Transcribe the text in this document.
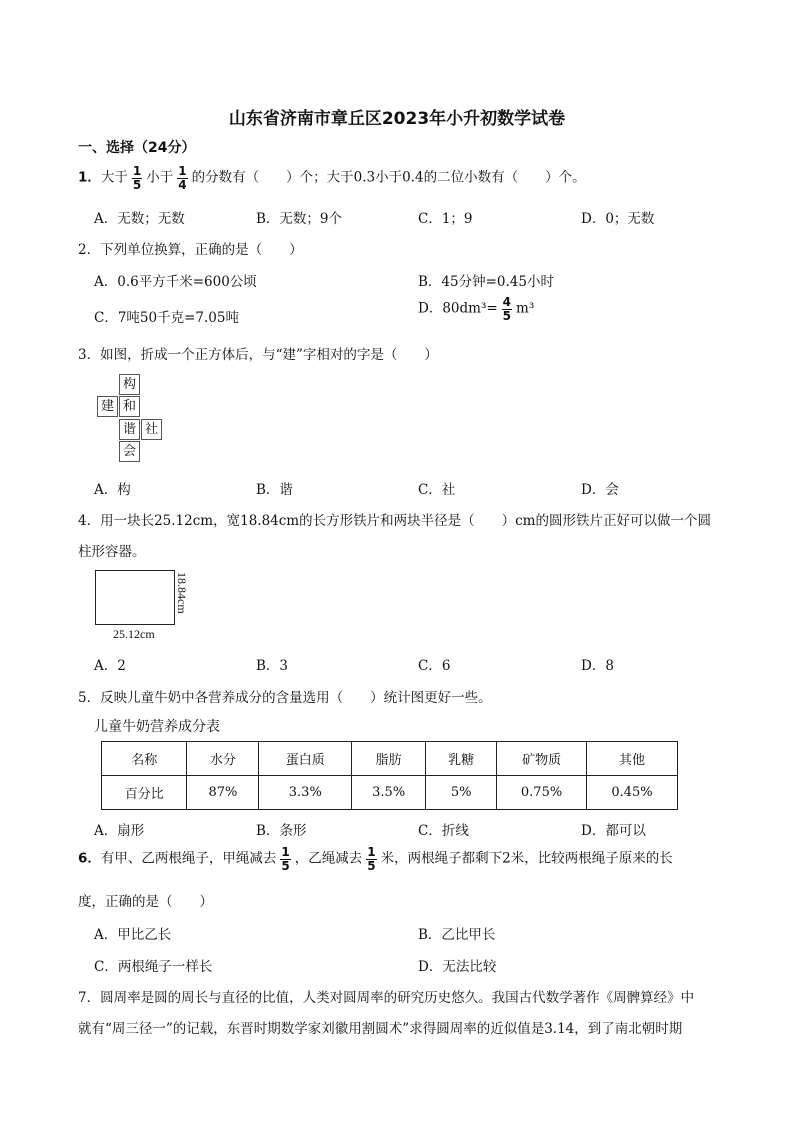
山东省济南市章丘区2023年小升初数学试卷
一、选择（24分）
1．大于 $\frac{1}{5}$ 小于 $\frac{1}{4}$ 的分数有（　　）个；大于0.3小于0.4的二位小数有（　　）个。
A．无数；无数	B．无数；9个	C．1；9	D．0；无数
2．下列单位换算，正确的是（　　）
A．0.6平方千米=600公顷	B．45分钟=0.45小时
C．7吨50千克=7.05吨
D．$80dm^3= \frac{4}{5} m^3$
3．如图，折成一个正方体后，与“建”字相对的字是（　　）
构
建 和
谐 社
会
A．构	B．谐	C．社	D．会
4．用一块长25.12cm，宽18.84cm的长方形铁片和两块半径是（　　）cm的圆形铁片正好可以做一个圆
柱形容器。
25.12cm
18.84cm
A．2	B．3	C．6	D．8
5．反映儿童牛奶中各营养成分的含量选用（　　）统计图更好一些。
儿童牛奶营养成分表
名称	水分	蛋白质	脂肪	乳糖	矿物质	其他
百分比	87%	3.3%	3.5%	5%	0.75%	0.45%
A．扇形	B．条形	C．折线	D．都可以
6．有甲、乙两根绳子，甲绳减去 $\frac{1}{5}$ ，乙绳减去 $\frac{1}{5}$ 米，两根绳子都剩下2米，比较两根绳子原来的长
度，正确的是（　　）
A．甲比乙长	B．乙比甲长
C．两根绳子一样长	D．无法比较
7．圆周率是圆的周长与直径的比值，人类对圆周率的研究历史悠久。我国古代数学著作《周髀算经》中
就有“周三径一”的记载，东晋时期数学家刘徽用割圆术”求得圆周率的近似值是3.14，到了南北朝时期
